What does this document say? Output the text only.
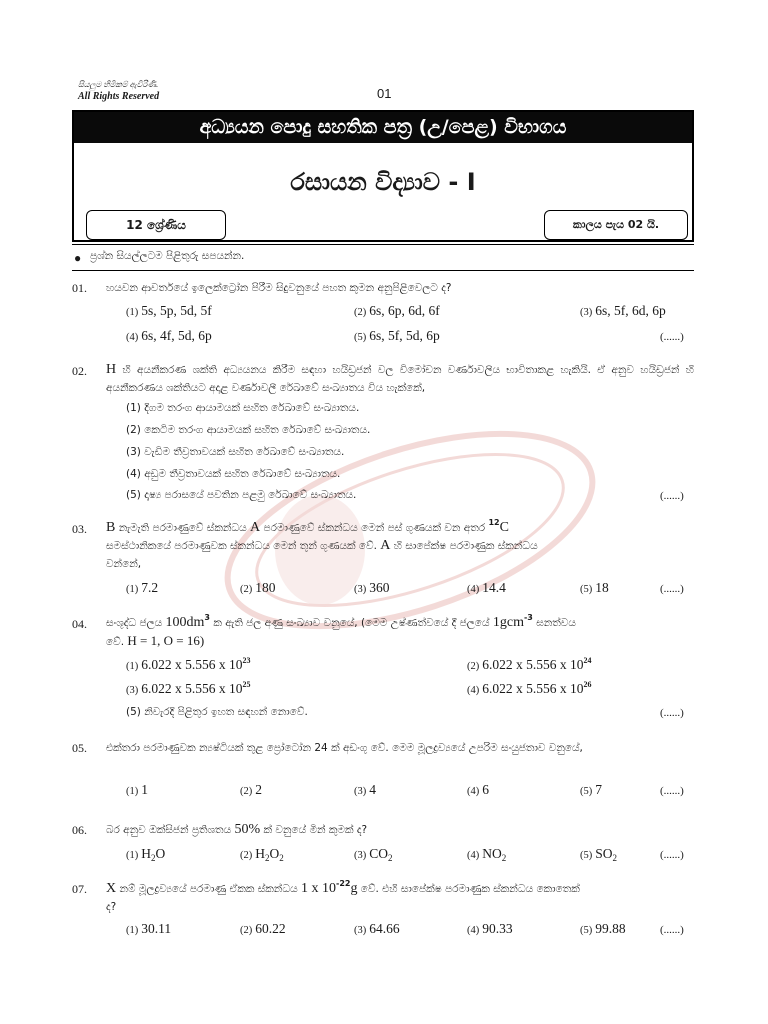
සියලුම හිමිකම් ඇවිරිණි.
All Rights Reserved	01
අධ්‍යයන පොදු සහතික පත්‍ර (උ/පෙළ) විභාගය
රසායන විද්‍යාව - I
12 ශ්‍රේණිය	කාලය පැය 02 යි.
● ප්‍රශ්න සියල්ලටම පිළිතුරු සපයන්න.
01. හයවන ආවර්තයේ ඉලෙක්ට්‍රෝන පිරීම සිදුවනුයේ පහත කුමන අනුපිළිවෙලට ද?
(1) 5s, 5p, 5d, 5f	(2) 6s, 6p, 6d, 6f	(3) 6s, 5f, 6d, 6p
(4) 6s, 4f, 5d, 6p	(5) 6s, 5f, 5d, 6p	(......)
02. H හි අයනීකරණ ශක්ති අධ්‍යයනය කිරීම සඳහා හයිඩ්‍රජන් වල විමෝචන වර්ණාවලිය භාවිතාකළ හැකියි. ඒ අනුව හයිඩ්‍රජන් හි අයනීකරණය ශක්තියට අදාළ වර්ණාවලී රේඛාවේ සංඛ්‍යාතය විය හැක්කේ,
(1) දිගම තරංග ආයාමයක් සහිත රේඛාවේ සංඛ්‍යාතය.
(2) කෙටිම තරංග ආයාමයක් සහිත රේඛාවේ සංඛ්‍යාතය.
(3) වැඩිම තීව්‍රතාවයක් සහිත රේඛාවේ සංඛ්‍යාතය.
(4) අඩුම තීව්‍රතාවයක් සහිත රේඛාවේ සංඛ්‍යාතය.
(5) දෘෂ්‍ය පරාසයේ පවතින පළමු රේඛාවේ සංඛ්‍යාතය.	(......)
03. B නැමැති පරමාණුවේ ස්කන්ධය A පරමාණුවේ ස්කන්ධය මෙන් පස් ගුණයක් වන අතර $^{12}$C
සමස්ථානිකයේ පරමාණුවක ස්කන්ධය මෙන් තුන් ගුණයක් වේ. A හි සාපේක්ෂ පරමාණුක ස්කන්ධය
වන්නේ,
(1) 7.2	(2) 180	(3) 360	(4) 14.4	(5) 18	(......)
04. සංශුද්ධ ජලය $100dm^3$ ක ඇති ජල අණු සංඛ්‍යාව වනුයේ, (මෙම උෂ්ණත්වයේ දී ජලයේ 1gcm$^{-3}$ ඝනත්වය
වේ. H = 1, O = 16)
(1) 6.022 x 5.556 x $10^{23}$
(2) 6.022 x 5.556 x $10^{24}$
(3) 6.022 x 5.556 x $10^{25}$
(4) 6.022 x 5.556 x $10^{26}$
(5) නිවැරදි පිළිතුර ඉහත සඳහන් නොවේ.	(......)
05. එක්තරා පරමාණුවක න්‍යෂ්ටියක් තුළ ප්‍රෝටෝන 24 ක් අඩංගු වේ. මෙම මූලද්‍රව්‍යයේ උපරිම සංයුජතාව වනුයේ,
(1) 1	(2) 2	(3) 4	(4) 6	(5) 7	(......)
06. බර අනුව ඔක්සිජන් ප්‍රතිශතය 50% ක් වනුයේ මින් කුමක් ද?
(1) $H_2O$	(2) $H_2O_2$	(3) $CO_2$	(4) $NO_2$	(5) $SO_2$	(......)
07. X නම් මූලද්‍රව්‍යයේ පරමාණු ඒකක ස්කන්ධය 1 x $10^{-22}g$ වේ. එහි සාපේක්ෂ පරමාණුක ස්කන්ධය කොතෙක්
ද?
(1) 30.11	(2) 60.22	(3) 64.66	(4) 90.33	(5) 99.88	(......)
